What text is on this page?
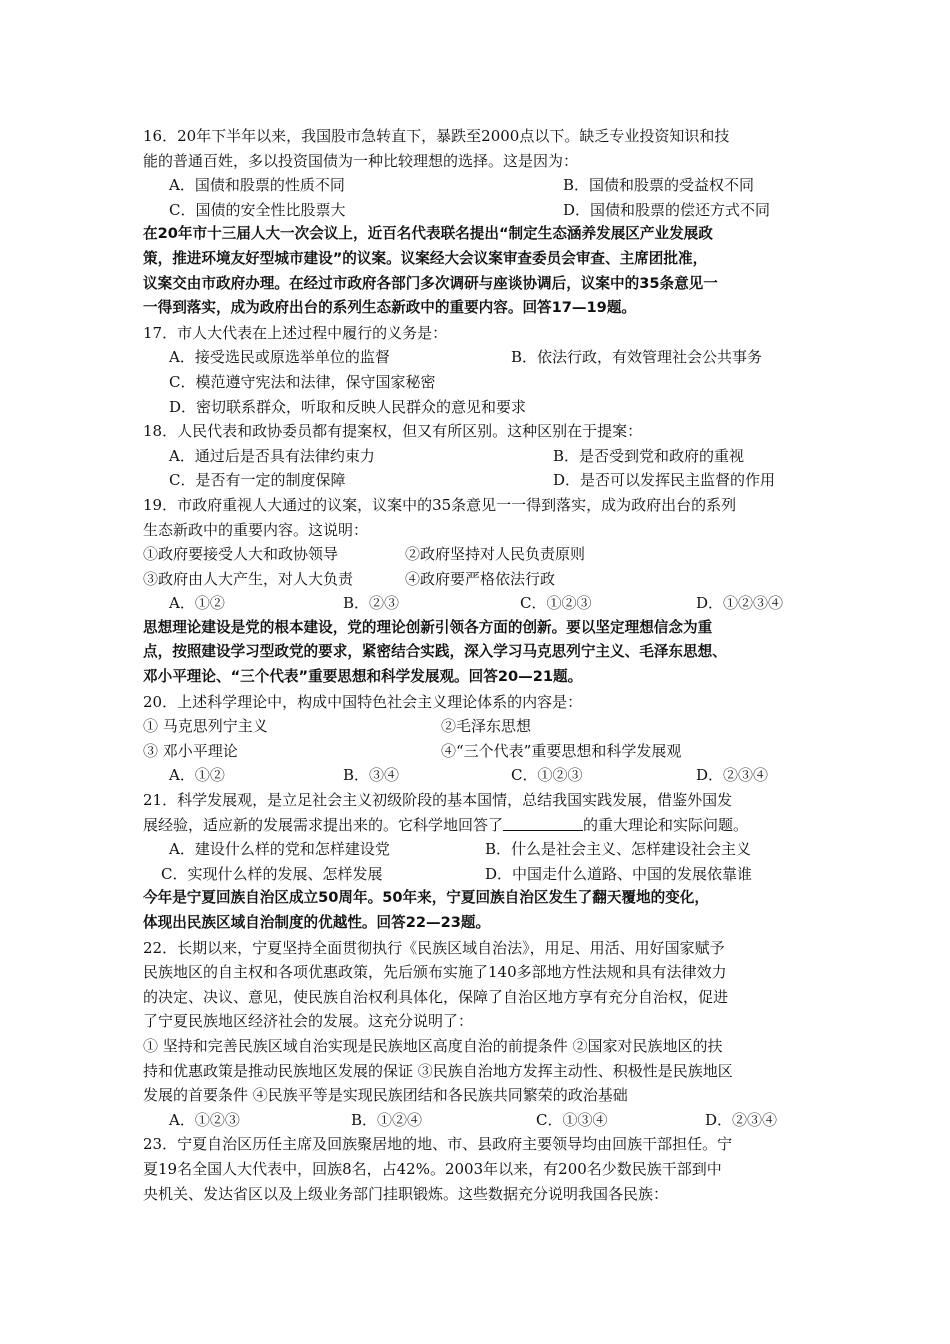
16．20年下半年以来，我国股市急转直下，暴跌至2000点以下。缺乏专业投资知识和技
能的普通百姓，多以投资国债为一种比较理想的选择。这是因为：
A．国债和股票的性质不同	B．国债和股票的受益权不同
C．国债的安全性比股票大	D．国债和股票的偿还方式不同
在20年市十三届人大一次会议上，近百名代表联名提出“制定生态涵养发展区产业发展政
策，推进环境友好型城市建设”的议案。议案经大会议案审查委员会审查、主席团批准，
议案交由市政府办理。在经过市政府各部门多次调研与座谈协调后，议案中的35条意见一
一得到落实，成为政府出台的系列生态新政中的重要内容。回答17—19题。
17．市人大代表在上述过程中履行的义务是：
A．接受选民或原选举单位的监督	B．依法行政，有效管理社会公共事务
C．模范遵守宪法和法律，保守国家秘密
D．密切联系群众，听取和反映人民群众的意见和要求
18．人民代表和政协委员都有提案权，但又有所区别。这种区别在于提案：
A．通过后是否具有法律约束力	B．是否受到党和政府的重视
C．是否有一定的制度保障	D．是否可以发挥民主监督的作用
19．市政府重视人大通过的议案，议案中的35条意见一一得到落实，成为政府出台的系列
生态新政中的重要内容。这说明：
①政府要接受人大和政协领导	②政府坚持对人民负责原则
③政府由人大产生，对人大负责	④政府要严格依法行政
A．①②	B．②③	C．①②③	D．①②③④
思想理论建设是党的根本建设，党的理论创新引领各方面的创新。要以坚定理想信念为重
点，按照建设学习型政党的要求，紧密结合实践，深入学习马克思列宁主义、毛泽东思想、
邓小平理论、“三个代表”重要思想和科学发展观。回答20—21题。
20．上述科学理论中，构成中国特色社会主义理论体系的内容是：
① 马克思列宁主义	②毛泽东思想
③ 邓小平理论	④“三个代表”重要思想和科学发展观
A．①②	B．③④	C．①②③	D．②③④
21．科学发展观，是立足社会主义初级阶段的基本国情，总结我国实践发展，借鉴外国发
展经验，适应新的发展需求提出来的。它科学地回答了	的重大理论和实际问题。
A．建设什么样的党和怎样建设党	B．什么是社会主义、怎样建设社会主义
C．实现什么样的发展、怎样发展	D．中国走什么道路、中国的发展依靠谁
今年是宁夏回族自治区成立50周年。50年来，宁夏回族自治区发生了翻天覆地的变化，
体现出民族区域自治制度的优越性。回答22—23题。
22．长期以来，宁夏坚持全面贯彻执行《民族区域自治法》，用足、用活、用好国家赋予
民族地区的自主权和各项优惠政策，先后颁布实施了140多部地方性法规和具有法律效力
的决定、决议、意见，使民族自治权利具体化，保障了自治区地方享有充分自治权，促进
了宁夏民族地区经济社会的发展。这充分说明了：
① 坚持和完善民族区域自治实现是民族地区高度自治的前提条件 ②国家对民族地区的扶
持和优惠政策是推动民族地区发展的保证 ③民族自治地方发挥主动性、积极性是民族地区
发展的首要条件 ④民族平等是实现民族团结和各民族共同繁荣的政治基础
A．①②③	B．①②④	C．①③④	D．②③④
23．宁夏自治区历任主席及回族聚居地的地、市、县政府主要领导均由回族干部担任。宁
夏19名全国人大代表中，回族8名，占42%。2003年以来，有200名少数民族干部到中
央机关、发达省区以及上级业务部门挂职锻炼。这些数据充分说明我国各民族：
